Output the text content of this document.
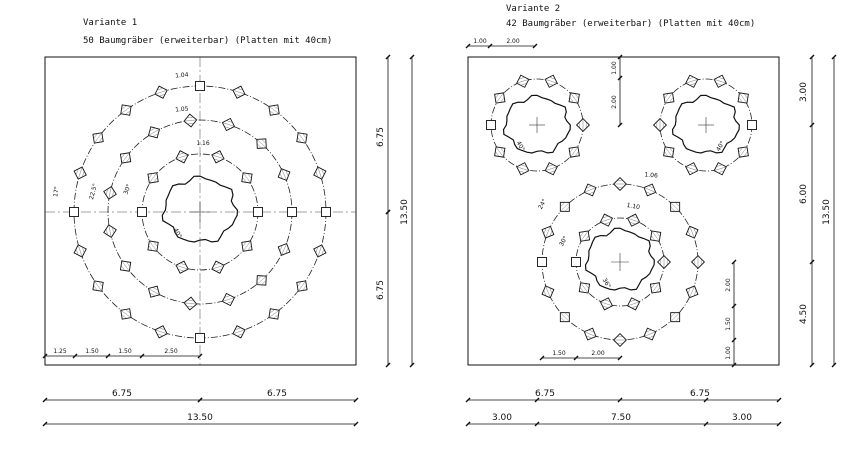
6.75	6.75
13.50
6.75
6.75
13.50
1.25	1.50	1.50	2.50
1.04
1.05
1.16
17°	22.5°	30°
40°
6.75	6.75
3.00	7.50	3.00
3.00
6.00
4.50
13.50
1.00	2.00
1.00
2.00
1.50	2.00
2.00
1.50
1.00
1.06
1.10
24°
30°
36°
40°	40°
Variante 1
50 Baumgräber (erweiterbar) (Platten mit 40cm)
Variante 2
42 Baumgräber (erweiterbar) (Platten mit 40cm)
